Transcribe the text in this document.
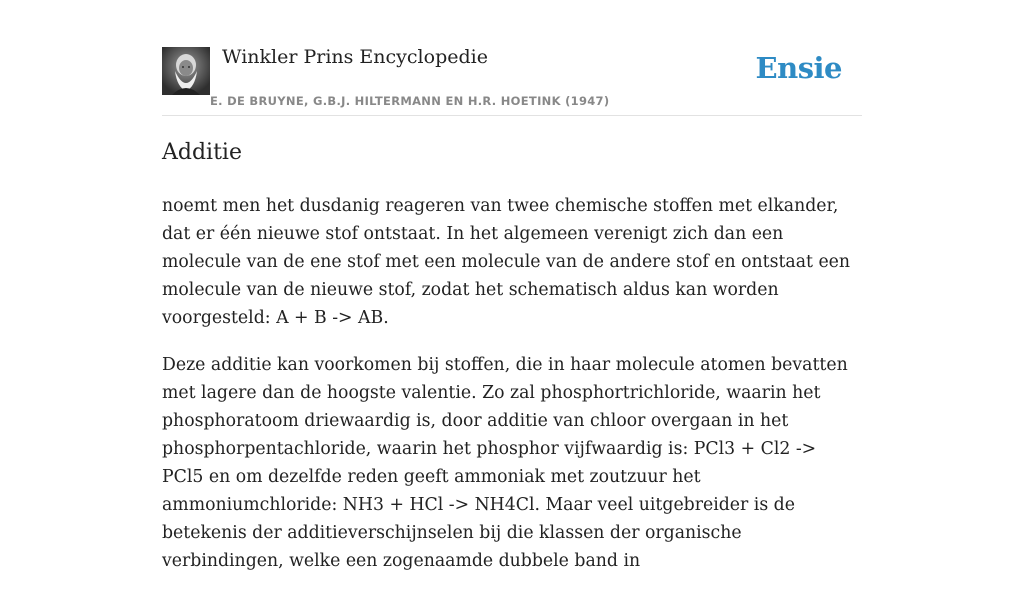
Winkler Prins Encyclopedie
E. DE BRUYNE, G.B.J. HILTERMANN EN H.R. HOETINK (1947)
Ensie
Additie

noemt men het dusdanig reageren van twee chemische stoffen met elkander, dat er één nieuwe stof ontstaat. In het algemeen verenigt zich dan een molecule van de ene stof met een molecule van de andere stof en ontstaat een molecule van de nieuwe stof, zodat het schematisch aldus kan worden voorgesteld: A + B -> AB.

Deze additie kan voorkomen bij stoffen, die in haar molecule atomen bevatten met lagere dan de hoogste valentie. Zo zal phosphortrichloride, waarin het phosphoratoom driewaardig is, door additie van chloor overgaan in het phosphorpentachloride, waarin het phosphor vijfwaardig is: PCl3 + Cl2 -> PCl5 en om dezelfde reden geeft ammoniak met zoutzuur het ammoniumchloride: NH3 + HCl -> NH4Cl. Maar veel uitgebreider is de betekenis der additieverschijnselen bij die klassen der organische verbindingen, welke een zogenaamde dubbele band in
